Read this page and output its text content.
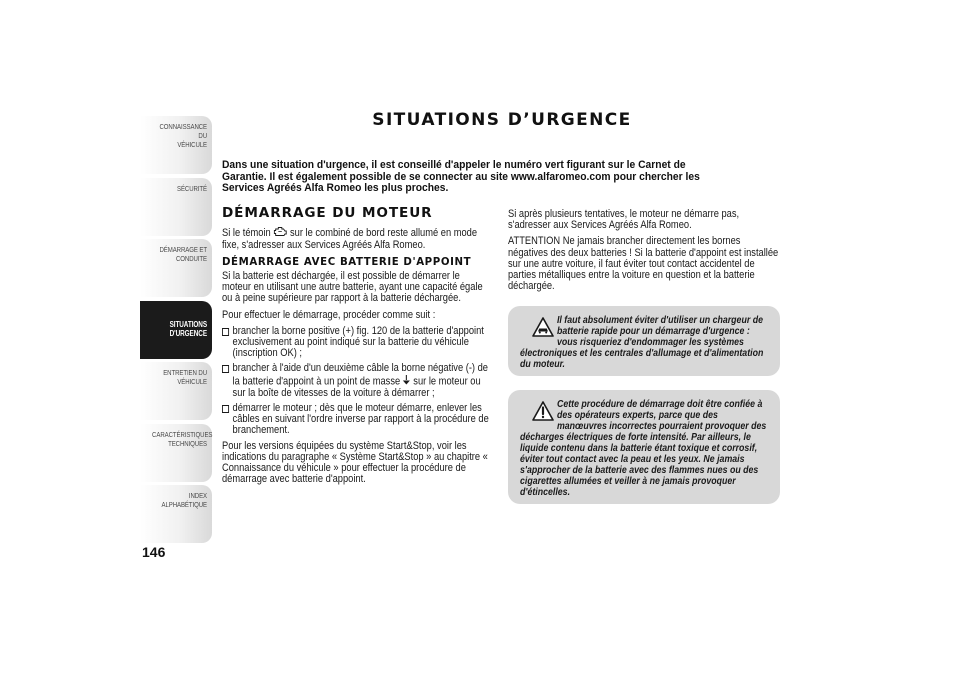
CONNAISSANCE DU
VÉHICULE
SÉCURITÉ
DÉMARRAGE ET
CONDUITE
SITUATIONS
D'URGENCE
ENTRETIEN DU
VÉHICULE
CARACTÉRISTIQUES
TECHNIQUES
INDEX
ALPHABÉTIQUE
146
SITUATIONS D’URGENCE

Dans une situation d'urgence, il est conseillé d'appeler le numéro vert figurant sur le Carnet de Garantie. Il est également possible de se connecter au site www.alfaromeo.com pour chercher les Services Agréés Alfa Romeo les plus proches.

DÉMARRAGE DU MOTEUR

Si le témoin  sur le combiné de bord reste allumé en mode fixe, s'adresser aux Services Agréés Alfa Romeo.

DÉMARRAGE AVEC BATTERIE D'APPOINT

Si la batterie est déchargée, il est possible de démarrer le moteur en utilisant une autre batterie, ayant une capacité égale ou à peine supérieure par rapport à la batterie déchargée.

Pour effectuer le démarrage, procéder comme suit :

brancher la borne positive (+) fig. 120 de la batterie d'appoint exclusivement au point indiqué sur la batterie du véhicule (inscription OK) ;
brancher à l'aide d'un deuxième câble la borne négative (-) de la batterie d'appoint à un point de masse  sur le moteur ou sur la boîte de vitesses de la voiture à démarrer ;
démarrer le moteur ; dès que le moteur démarre, enlever les câbles en suivant l'ordre inverse par rapport à la procédure de branchement.

Pour les versions équipées du système Start&Stop, voir les indications du paragraphe « Système Start&Stop » au chapitre « Connaissance du véhicule » pour effectuer la procédure de démarrage avec batterie d'appoint.

Si après plusieurs tentatives, le moteur ne démarre pas, s'adresser aux Services Agréés Alfa Romeo.

ATTENTION Ne jamais brancher directement les bornes négatives des deux batteries ! Si la batterie d'appoint est installée sur une autre voiture, il faut éviter tout contact accidentel de parties métalliques entre la voiture en question et la batterie déchargée.

Il faut absolument éviter d'utiliser un chargeur de batterie rapide pour un démarrage d'urgence : vous risqueriez d'endommager les systèmes électroniques et les centrales d'allumage et d'alimentation du moteur.

Cette procédure de démarrage doit être confiée à des opérateurs experts, parce que des manœuvres incorrectes pourraient provoquer des décharges électriques de forte intensité. Par ailleurs, le liquide contenu dans la batterie étant toxique et corrosif, éviter tout contact avec la peau et les yeux. Ne jamais s'approcher de la batterie avec des flammes nues ou des cigarettes allumées et veiller à ne jamais provoquer d'étincelles.
